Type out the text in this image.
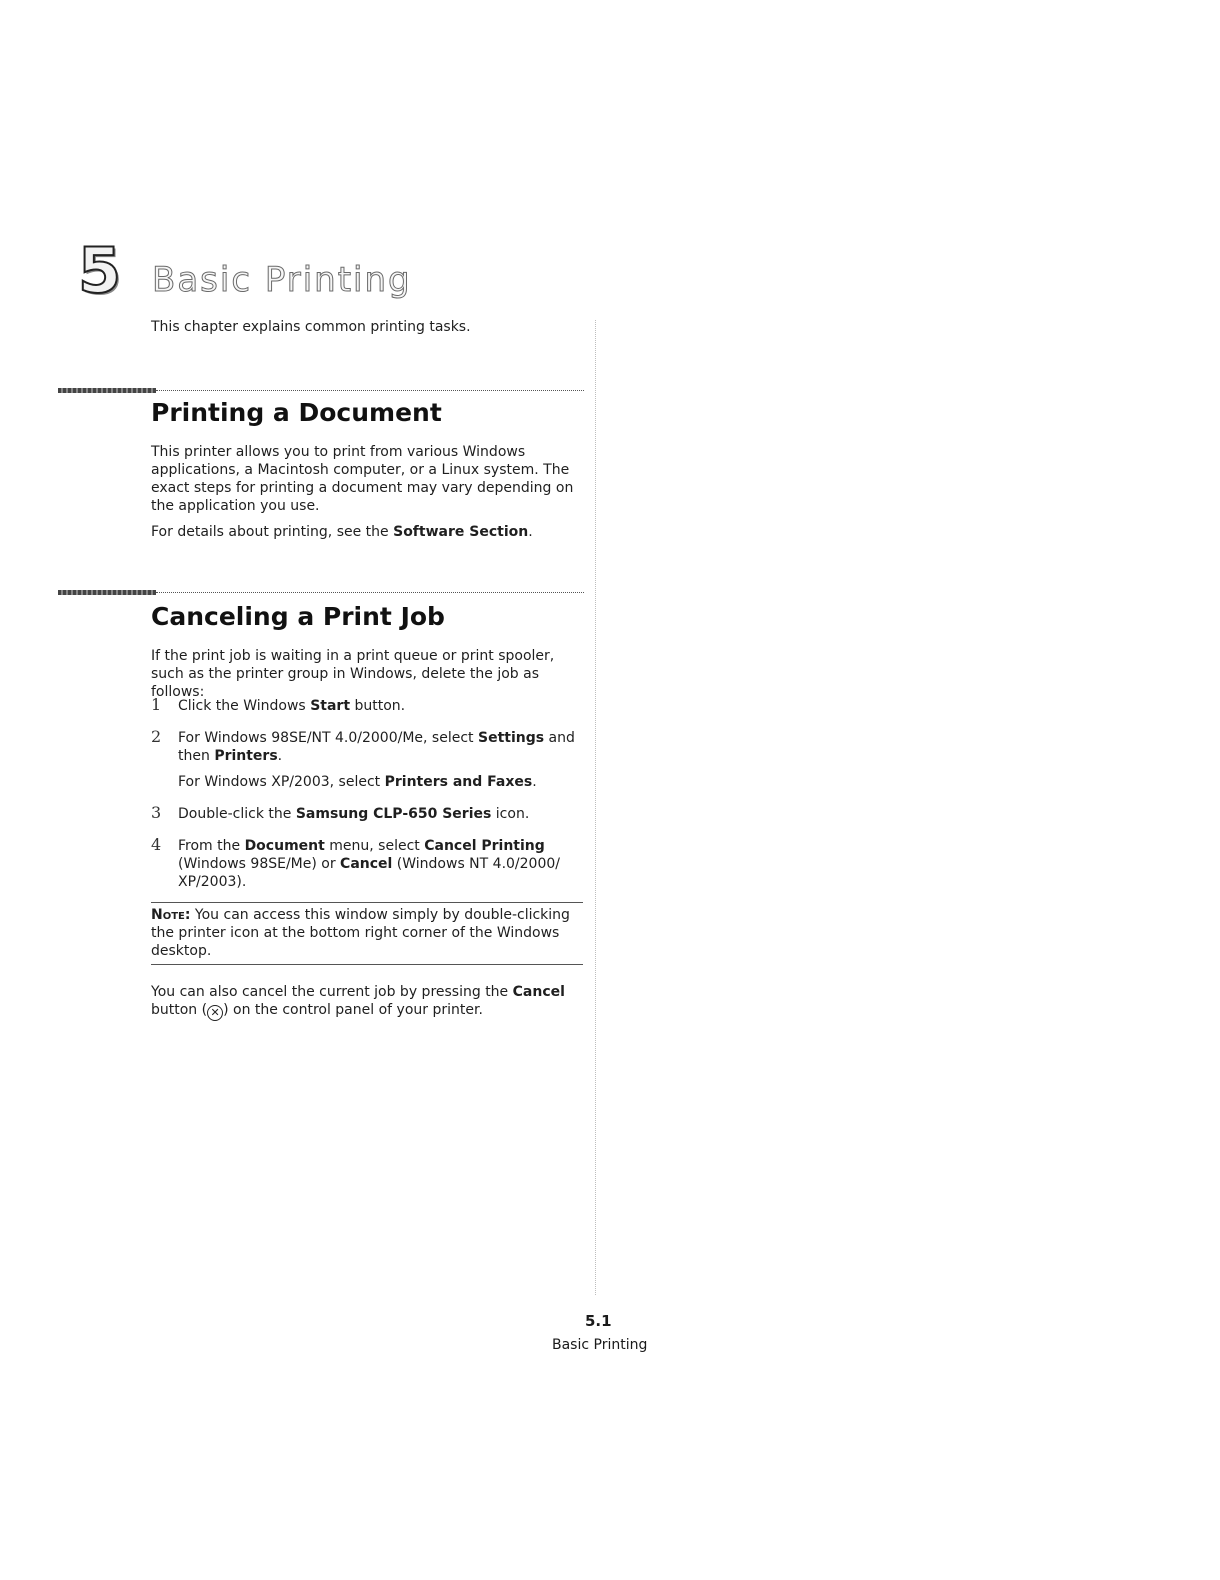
5 Basic Printing
This chapter explains common printing tasks.
Printing a Document
This printer allows you to print from various Windows applications, a Macintosh computer, or a Linux system. The exact steps for printing a document may vary depending on the application you use.
For details about printing, see the Software Section.
Canceling a Print Job
If the print job is waiting in a print queue or print spooler, such as the printer group in Windows, delete the job as follows:
1 Click the Windows Start button.
2 For Windows 98SE/NT 4.0/2000/Me, select Settings and then Printers.
For Windows XP/2003, select Printers and Faxes.
3 Double-click the Samsung CLP-650 Series icon.
4 From the Document menu, select Cancel Printing (Windows 98SE/Me) or Cancel (Windows NT 4.0/2000/ XP/2003).
Note: You can access this window simply by double-clicking the printer icon at the bottom right corner of the Windows desktop.
You can also cancel the current job by pressing the Cancel button ( ✕ ) on the control panel of your printer.
5.1
Basic Printing
